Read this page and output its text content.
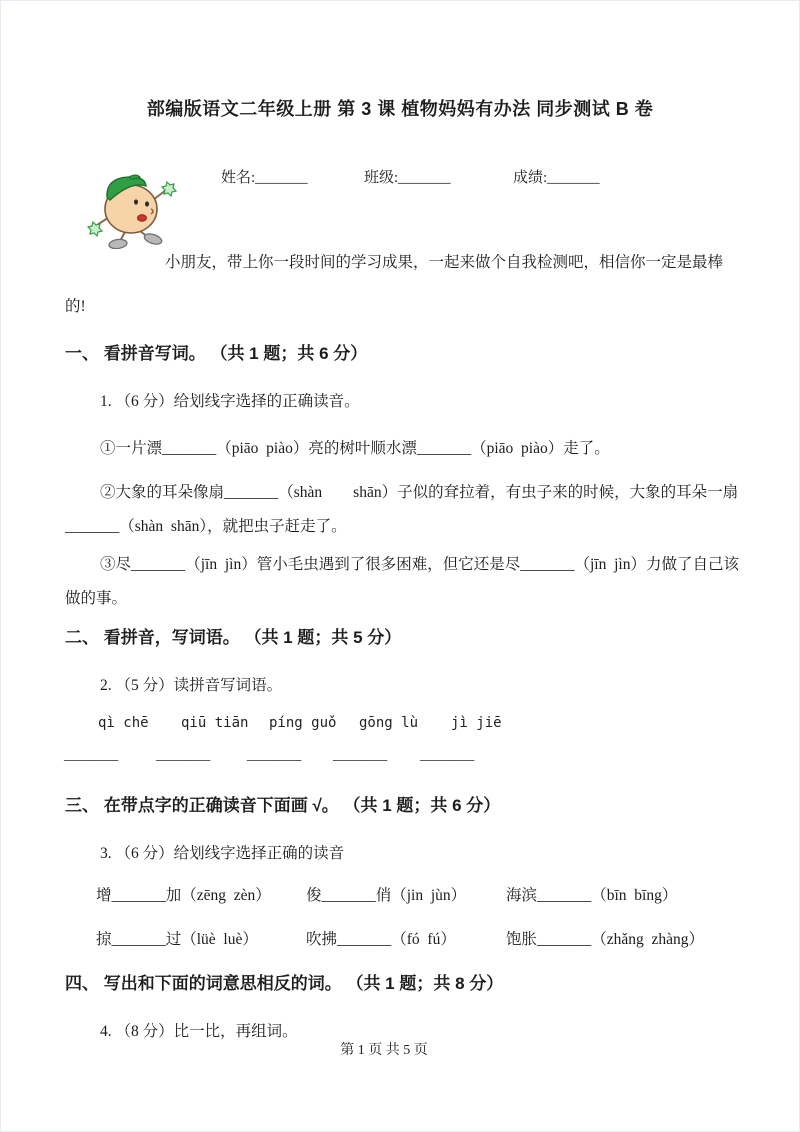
部编版语文二年级上册 第 3 课 植物妈妈有办法 同步测试 B 卷

姓名:_______
	班级:_______
	成绩:_______

小朋友，带上你一段时间的学习成果，一起来做个自我检测吧，相信你一定是最棒的!
一、 看拼音写词。 （共 1 题；共 6 分）
1. （6 分）给划线字选择的正确读音。
①一片漂_______（piāo  piào）亮的树叶顺水漂_______（piāo  piào）走了。
②大象的耳朵像扇_______（shàn        shān）子似的耷拉着，有虫子来的时候，大象的耳朵一扇_______（shàn  shān），就把虫子赶走了。
③尽_______（jīn  jìn）管小毛虫遇到了很多困难，但它还是尽_______（jīn  jìn）力做了自己该做的事。
二、 看拼音，写词语。 （共 1 题；共 5 分）
2. （5 分）读拼音写词语。
qì chē qiū tiān píng guǒ gōng lù jì jiē
_______ _______ _______ _______ _______
三、 在带点字的正确读音下面画 √。 （共 1 题；共 6 分）
3. （6 分）给划线字选择正确的读音
增_______加（zēng  zèn） 俊_______俏（jin  jùn）	海滨_______（bīn  bīng）
掠_______过（lüè  luè）	吹拂_______（fó  fú）	饱胀_______（zhǎng  zhàng）
四、 写出和下面的词意思相反的词。 （共 1 题；共 8 分）
4. （8 分）比一比，再组词。
第 1 页 共 5 页
